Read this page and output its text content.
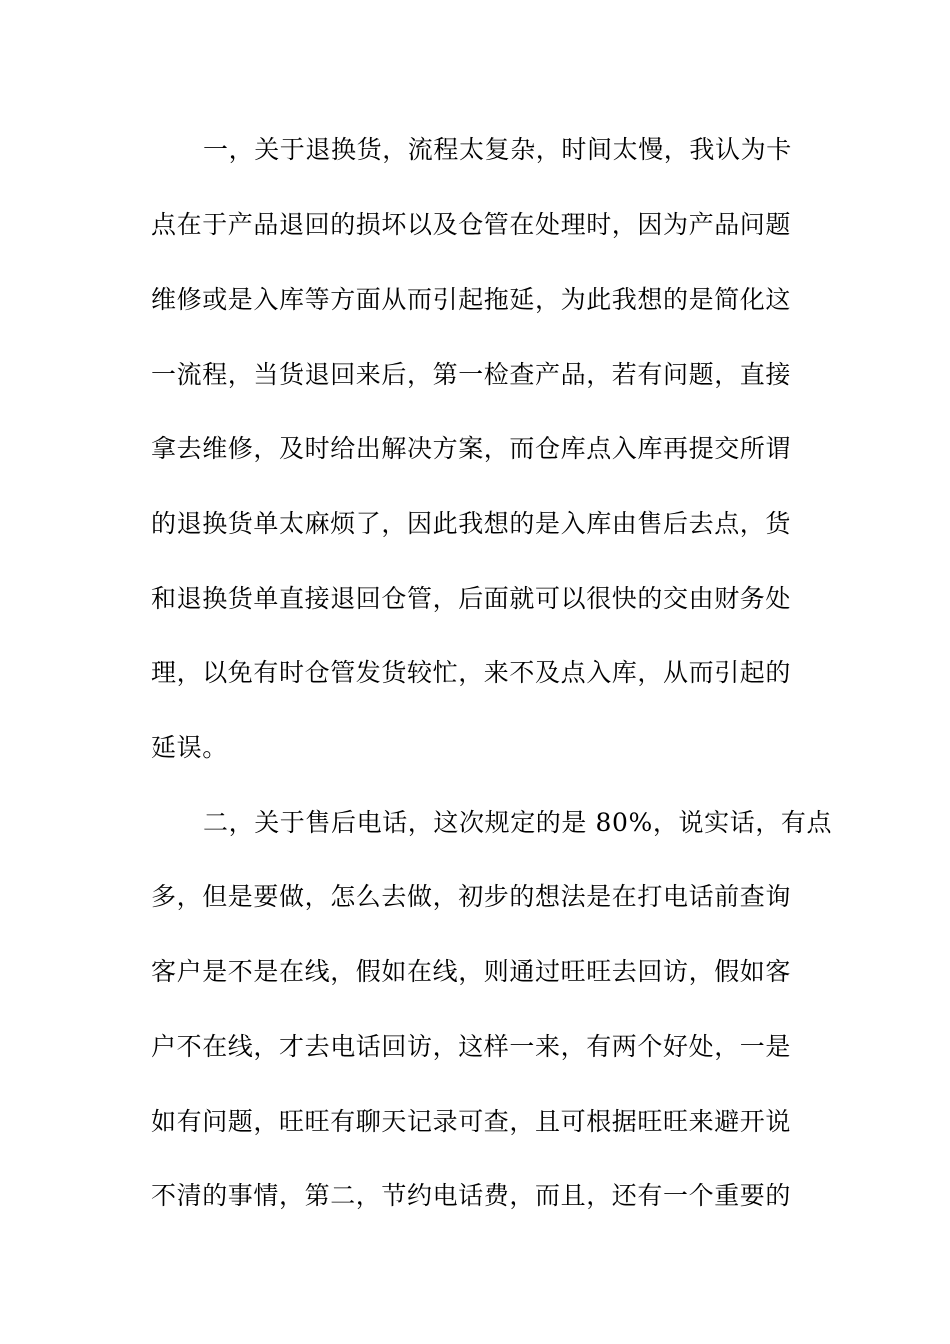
一，关于退换货，流程太复杂，时间太慢，我认为卡
点在于产品退回的损坏以及仓管在处理时，因为产品问题
维修或是入库等方面从而引起拖延，为此我想的是简化这
一流程，当货退回来后，第一检查产品，若有问题，直接
拿去维修，及时给出解决方案，而仓库点入库再提交所谓
的退换货单太麻烦了，因此我想的是入库由售后去点，货
和退换货单直接退回仓管，后面就可以很快的交由财务处
理，以免有时仓管发货较忙，来不及点入库，从而引起的
延误。
二，关于售后电话，这次规定的是 80%，说实话，有点
多，但是要做，怎么去做，初步的想法是在打电话前查询
客户是不是在线，假如在线，则通过旺旺去回访，假如客
户不在线，才去电话回访，这样一来，有两个好处，一是
如有问题，旺旺有聊天记录可查，且可根据旺旺来避开说
不清的事情，第二，节约电话费，而且，还有一个重要的
